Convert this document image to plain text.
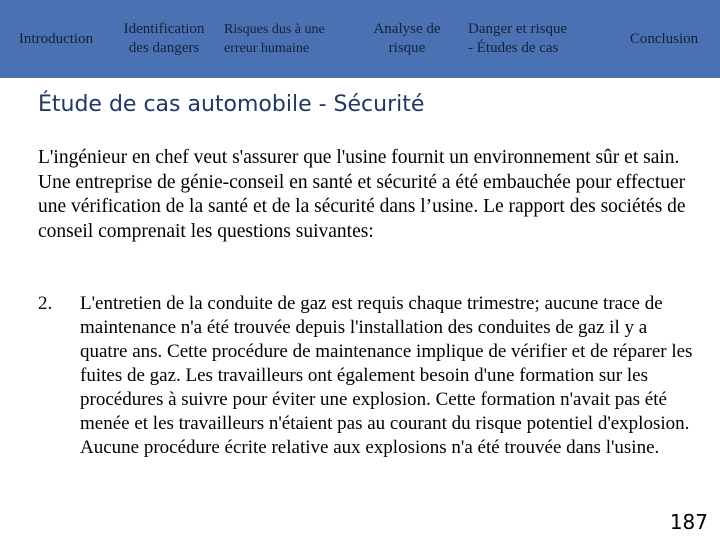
Introduction
Identification
des dangers
Risques dus à une
erreur humaine
Analyse de
risque
Danger et risque
- Études de cas
Conclusion
Étude de cas automobile - Sécurité

L'ingénieur en chef veut s'assurer que l'usine fournit un environnement sûr et sain. Une entreprise de génie-conseil en santé et sécurité a été embauchée pour effectuer une vérification de la santé et de la sécurité dans l’usine. Le rapport des sociétés de conseil comprenait les questions suivantes:

2. L'entretien de la conduite de gaz est requis chaque trimestre; aucune trace de maintenance n'a été trouvée depuis l'installation des conduites de gaz il y a quatre ans. Cette procédure de maintenance implique de vérifier et de réparer les fuites de gaz. Les travailleurs ont également besoin d'une formation sur les procédures à suivre pour éviter une explosion. Cette formation n'avait pas été menée et les travailleurs n'étaient pas au courant du risque potentiel d'explosion. Aucune procédure écrite relative aux explosions n'a été trouvée dans l'usine.
187
